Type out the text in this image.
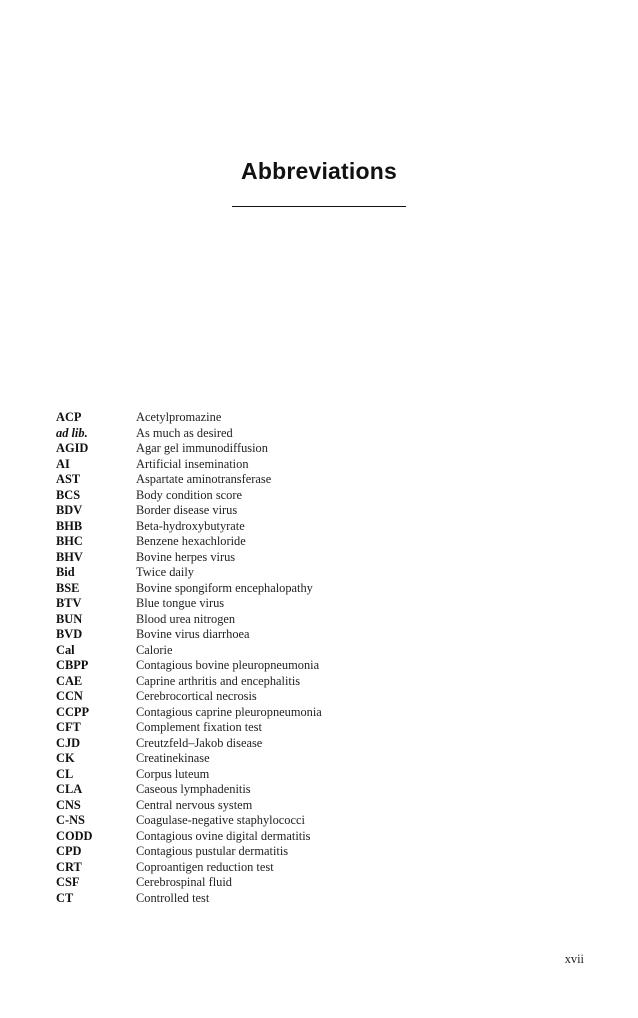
Abbreviations
ACP	Acetylpromazine
ad lib.	As much as desired
AGID	Agar gel immunodiffusion
AI	Artificial insemination
AST	Aspartate aminotransferase
BCS	Body condition score
BDV	Border disease virus
BHB	Beta-hydroxybutyrate
BHC	Benzene hexachloride
BHV	Bovine herpes virus
Bid	Twice daily
BSE	Bovine spongiform encephalopathy
BTV	Blue tongue virus
BUN	Blood urea nitrogen
BVD	Bovine virus diarrhoea
Cal	Calorie
CBPP	Contagious bovine pleuropneumonia
CAE	Caprine arthritis and encephalitis
CCN	Cerebrocortical necrosis
CCPP	Contagious caprine pleuropneumonia
CFT	Complement fixation test
CJD	Creutzfeld–Jakob disease
CK	Creatinekinase
CL	Corpus luteum
CLA	Caseous lymphadenitis
CNS	Central nervous system
C-NS	Coagulase-negative staphylococci
CODD	Contagious ovine digital dermatitis
CPD	Contagious pustular dermatitis
CRT	Coproantigen reduction test
CSF	Cerebrospinal fluid
CT	Controlled test
xvii
